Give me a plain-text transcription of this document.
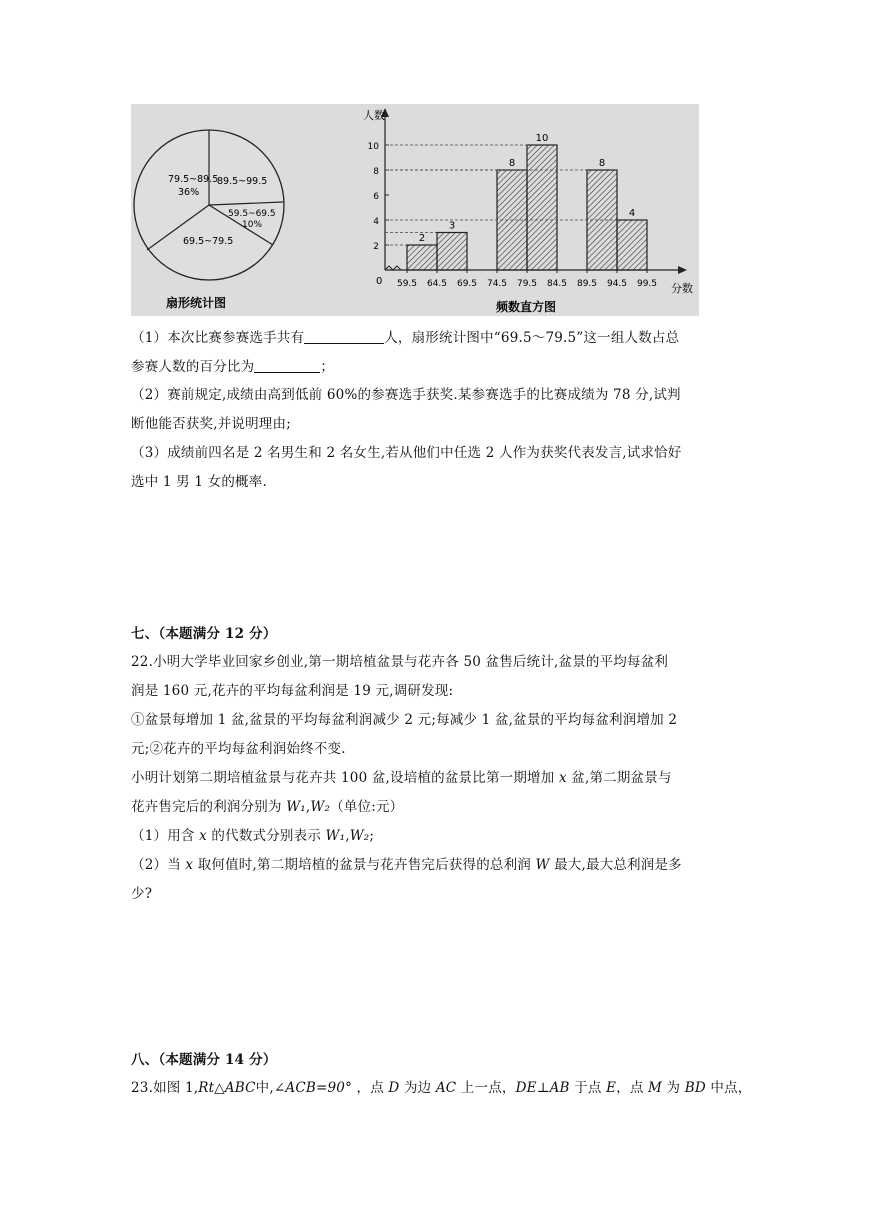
79.5~89.5
36%
89.5~99.5
59.5~69.5
10%
69.5~79.5
扇形统计图
人数
分数
0
频数直方图
2
4
6
8
10
59.5 64.5 69.5 74.5 79.5 84.5 89.5 94.5 99.5
2
3
8
10
8
4

（1）本次比赛参赛选手共有	人，扇形统计图中“69.5～79.5”这一组人数占总

参赛人数的百分比为	；

（2）赛前规定,成绩由高到低前 60%的参赛选手获奖.某参赛选手的比赛成绩为 78 分,试判

断他能否获奖,并说明理由;

（3）成绩前四名是 2 名男生和 2 名女生,若从他们中任选 2 人作为获奖代表发言,试求恰好

选中 1 男 1 女的概率.

七、（本题满分 12 分）

22.小明大学毕业回家乡创业,第一期培植盆景与花卉各 50 盆售后统计,盆景的平均每盆利

润是 160 元,花卉的平均每盆利润是 19 元,调研发现:

①盆景每增加 1 盆,盆景的平均每盆利润减少 2 元;每减少 1 盆,盆景的平均每盆利润增加 2

元;②花卉的平均每盆利润始终不变.

小明计划第二期培植盆景与花卉共 100 盆,设培植的盆景比第一期增加 x 盆,第二期盆景与

花卉售完后的利润分别为 W₁,W₂（单位:元）

（1）用含 x 的代数式分别表示 W₁,W₂;

（2）当 x 取何值时,第二期培植的盆景与花卉售完后获得的总利润 W 最大,最大总利润是多

少?

八、（本题满分 14 分）

23.如图 1,Rt△ABC中,∠ACB=90° ，点 D 为边 AC 上一点，DE⊥AB 于点 E，点 M 为 BD 中点，
